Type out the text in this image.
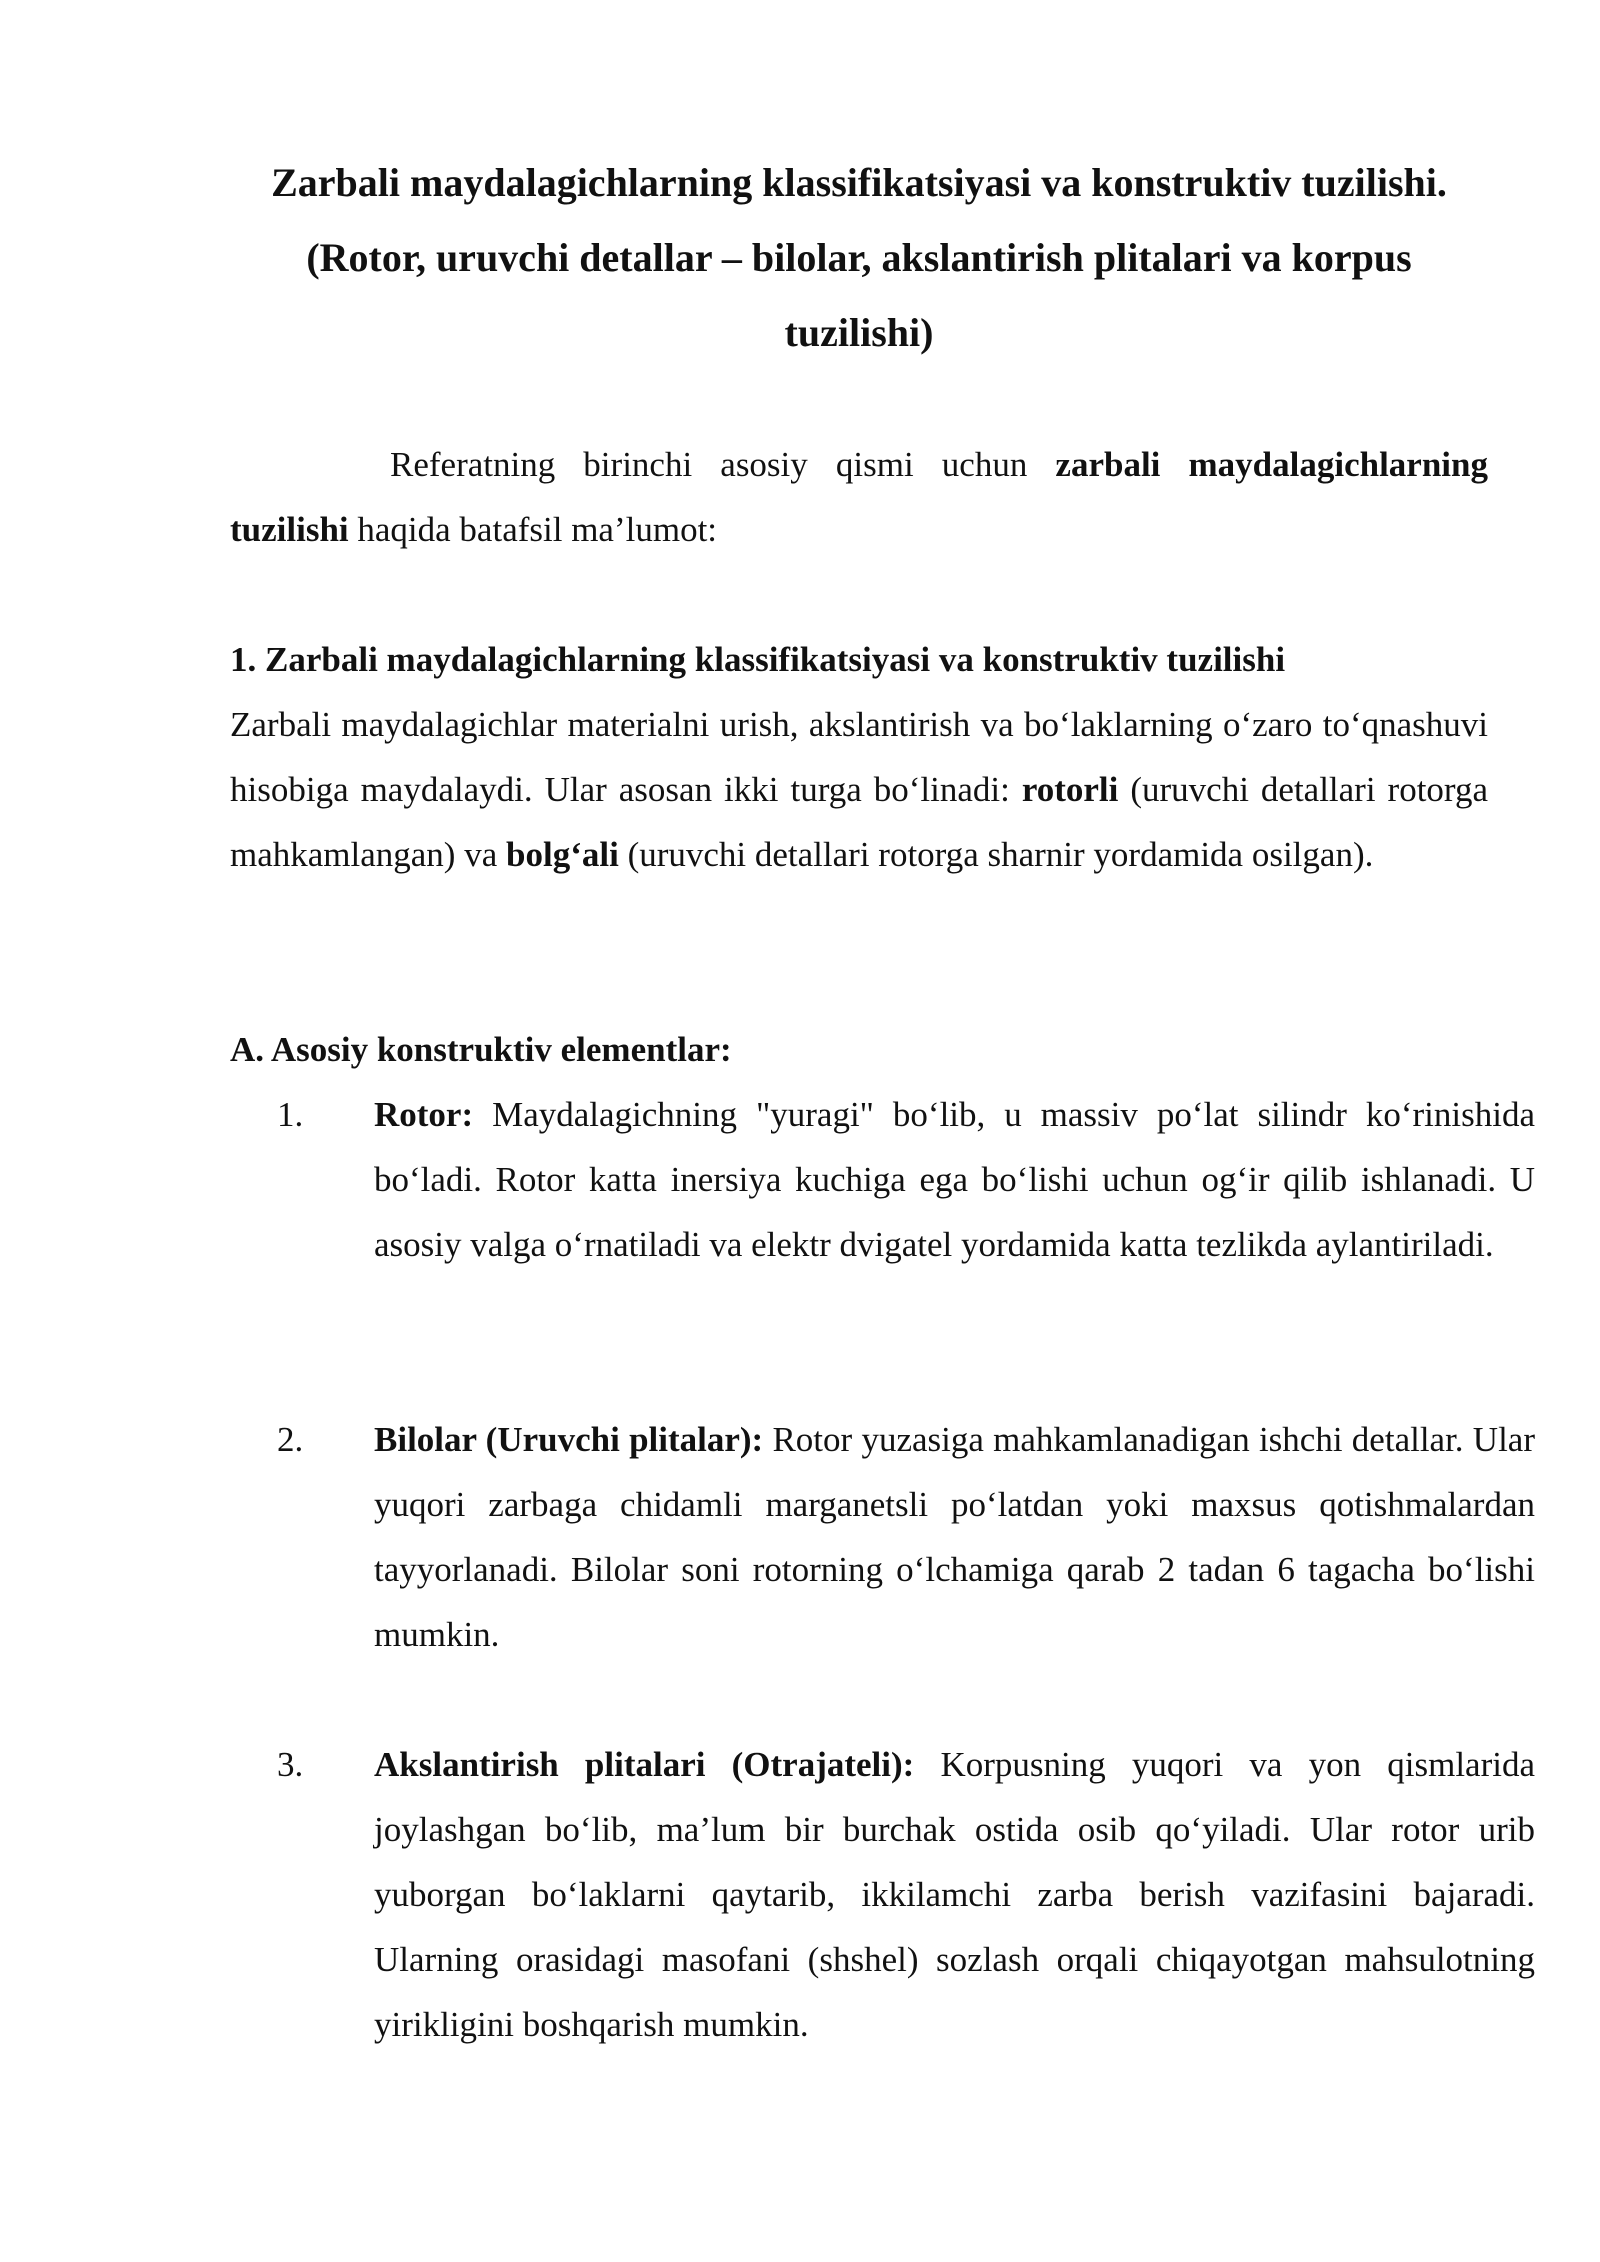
Zarbali maydalagichlarning klassifikatsiyasi va konstruktiv tuzilishi. (Rotor, uruvchi detallar – bilolar, akslantirish plitalari va korpus tuzilishi)
Referatning birinchi asosiy qismi uchun zarbali maydalagichlarning tuzilishi haqida batafsil ma’lumot:
1. Zarbali maydalagichlarning klassifikatsiyasi va konstruktiv tuzilishi
Zarbali maydalagichlar materialni urish, akslantirish va bo‘laklarning o‘zaro to‘qnashuvi hisobiga maydalaydi. Ular asosan ikki turga bo‘linadi: rotorli (uruvchi detallari rotorga mahkamlangan) va bolg‘ali (uruvchi detallari rotorga sharnir yordamida osilgan).
A. Asosiy konstruktiv elementlar:
1.	Rotor: Maydalagichning "yuragi" bo‘lib, u massiv po‘lat silindr ko‘rinishida bo‘ladi. Rotor katta inersiya kuchiga ega bo‘lishi uchun og‘ir qilib ishlanadi. U asosiy valga o‘rnatiladi va elektr dvigatel yordamida katta tezlikda aylantiriladi.
2.	Bilolar (Uruvchi plitalar): Rotor yuzasiga mahkamlanadigan ishchi detallar. Ular yuqori zarbaga chidamli marganetsli po‘latdan yoki maxsus qotishmalardan tayyorlanadi. Bilolar soni rotorning o‘lchamiga qarab 2 tadan 6 tagacha bo‘lishi mumkin.
3.	Akslantirish plitalari (Otrajateli): Korpusning yuqori va yon qismlarida joylashgan bo‘lib, ma’lum bir burchak ostida osib qo‘yiladi. Ular rotor urib yuborgan bo‘laklarni qaytarib, ikkilamchi zarba berish vazifasini bajaradi. Ularning orasidagi masofani (shshel) sozlash orqali chiqayotgan mahsulotning yirikligini boshqarish mumkin.
